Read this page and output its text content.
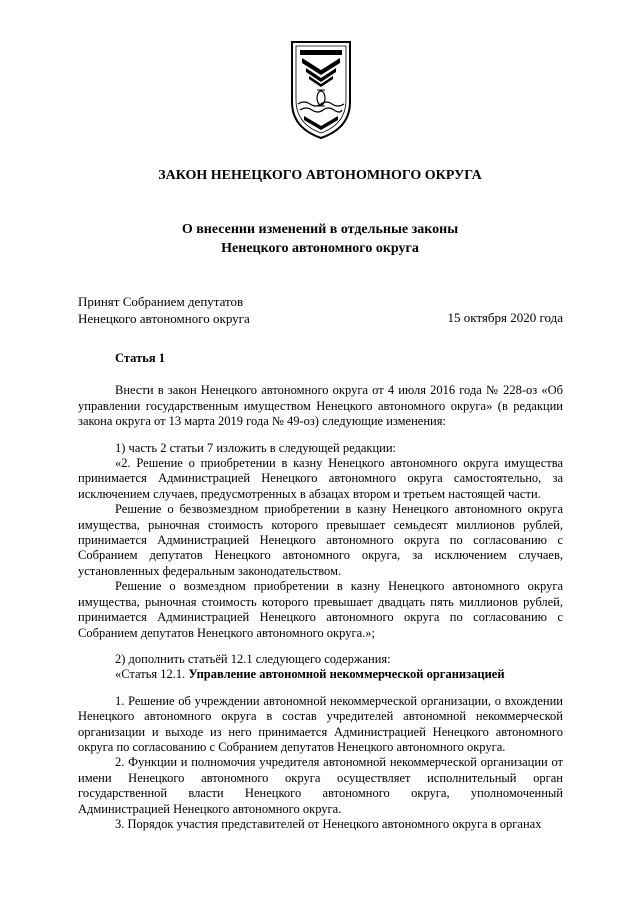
ЗАКОН НЕНЕЦКОГО АВТОНОМНОГО ОКРУГА
О внесении изменений в отдельные законы
Ненецкого автономного округа
Принят Собранием депутатов
Ненецкого автономного округа	15 октября 2020 года
Статья 1

Внести в закон Ненецкого автономного округа от 4 июля 2016 года № 228-оз «Об управлении государственным имуществом Ненецкого автономного округа» (в редакции закона округа от 13 марта 2019 года № 49-оз) следующие изменения:

1) часть 2 статьи 7 изложить в следующей редакции:

«2. Решение о приобретении в казну Ненецкого автономного округа имущества принимается Администрацией Ненецкого автономного округа самостоятельно, за исключением случаев, предусмотренных в абзацах втором и третьем настоящей части.

Решение о безвозмездном приобретении в казну Ненецкого автономного округа имущества, рыночная стоимость которого превышает семьдесят миллионов рублей, принимается Администрацией Ненецкого автономного округа по согласованию с Собранием депутатов Ненецкого автономного округа, за исключением случаев, установленных федеральным законодательством.

Решение о возмездном приобретении в казну Ненецкого автономного округа имущества, рыночная стоимость которого превышает двадцать пять миллионов рублей, принимается Администрацией Ненецкого автономного округа по согласованию с Собранием депутатов Ненецкого автономного округа.»;

2) дополнить статьёй 12.1 следующего содержания:

«Статья 12.1. Управление автономной некоммерческой организацией

1. Решение об учреждении автономной некоммерческой организации, о вхождении Ненецкого автономного округа в состав учредителей автономной некоммерческой организации и выходе из него принимается Администрацией Ненецкого автономного округа по согласованию с Собранием депутатов Ненецкого автономного округа.

2. Функции и полномочия учредителя автономной некоммерческой организации от имени Ненецкого автономного округа осуществляет исполнительный орган государственной власти Ненецкого автономного округа, уполномоченный Администрацией Ненецкого автономного округа.

3. Порядок участия представителей от Ненецкого автономного округа в органах
